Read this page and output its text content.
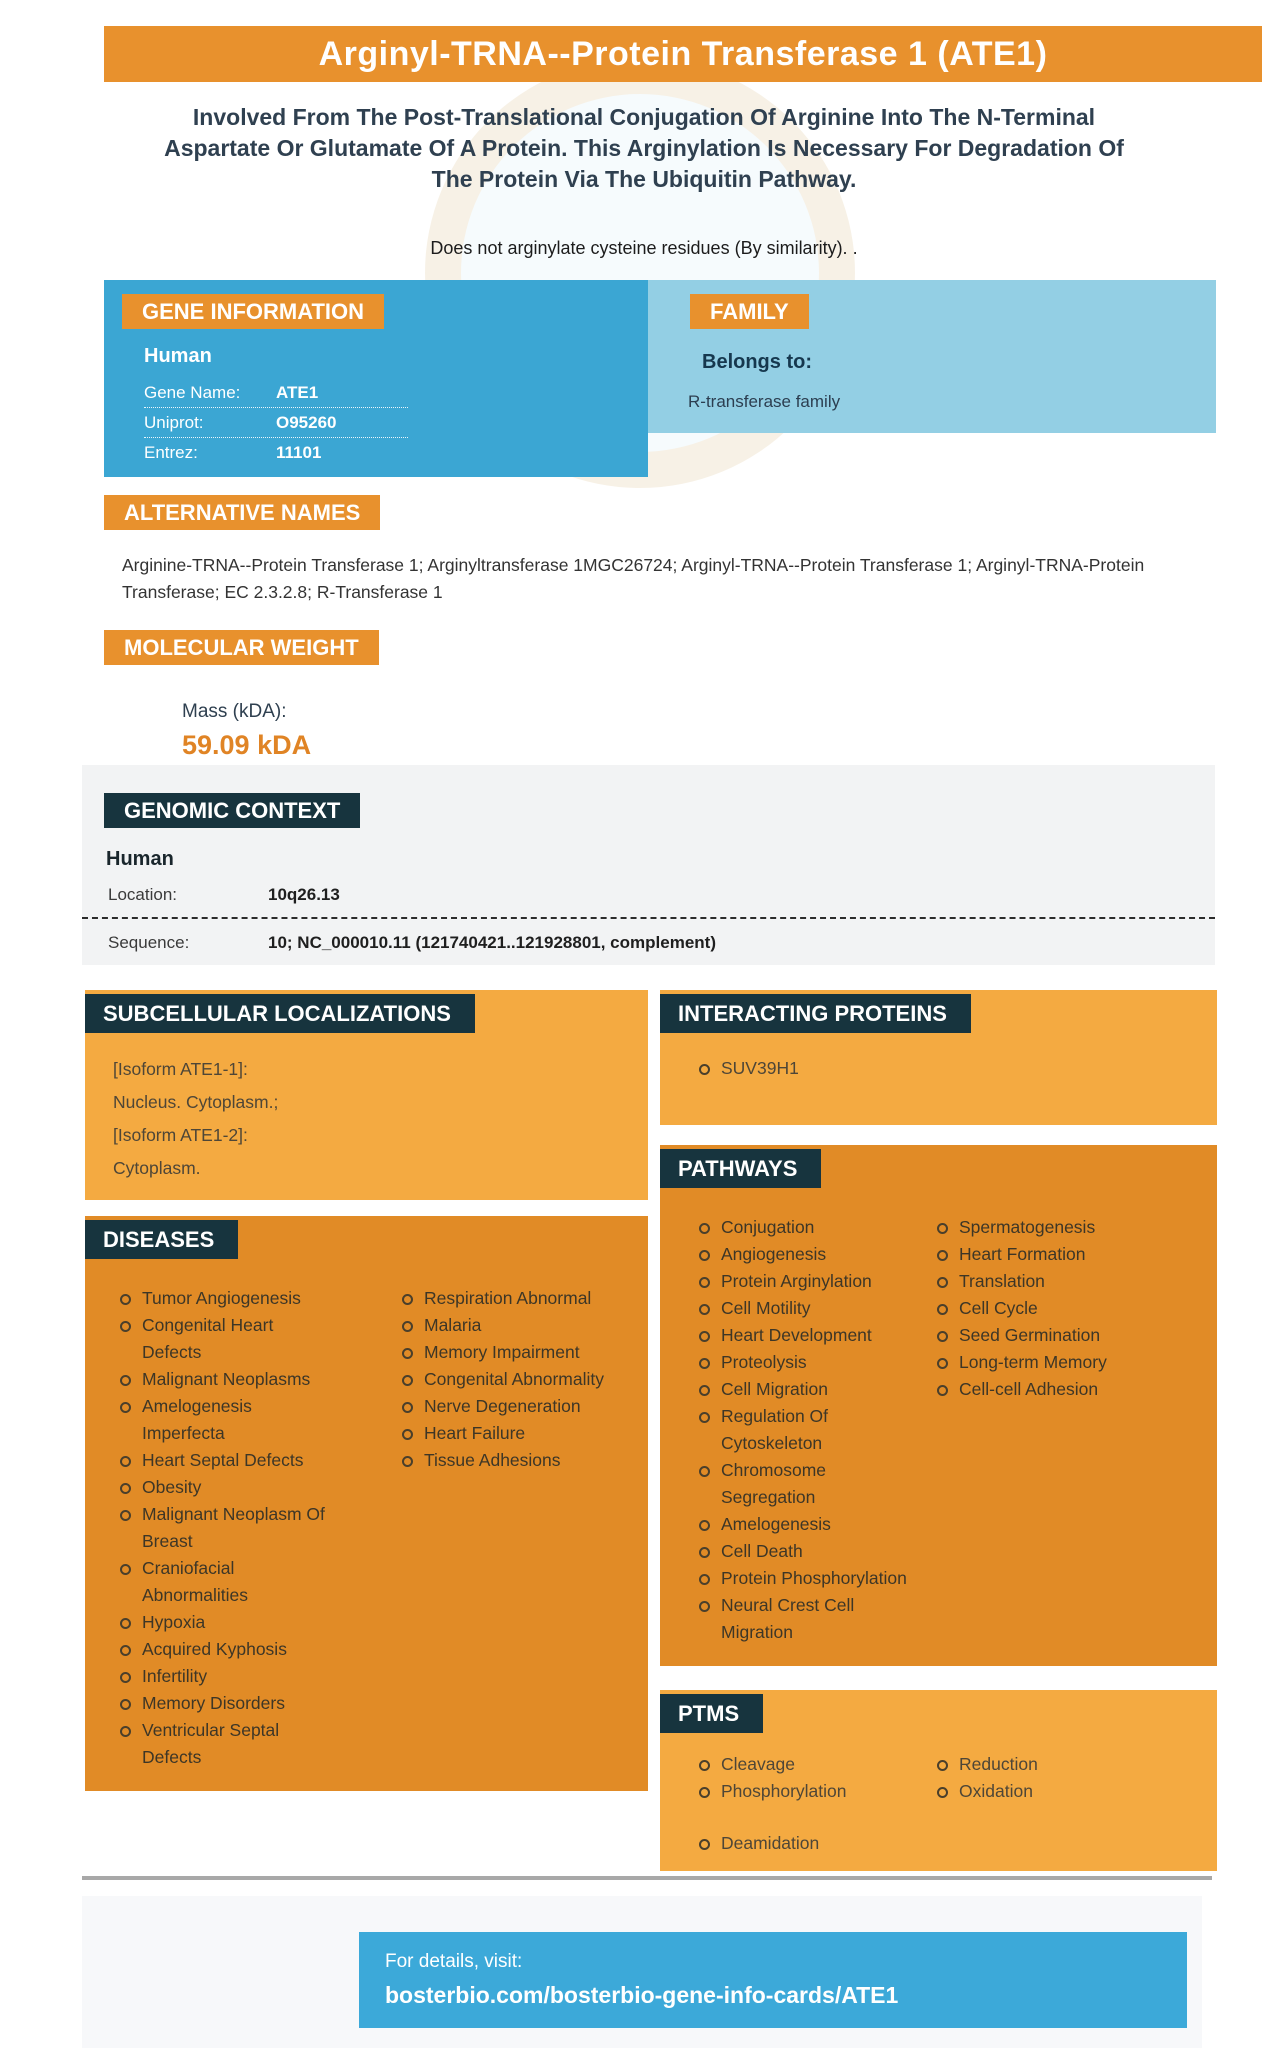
Arginyl-TRNA--Protein Transferase 1 (ATE1)

Involved From The Post-Translational Conjugation Of Arginine Into The N-Terminal Aspartate Or Glutamate Of A Protein. This Arginylation Is Necessary For Degradation Of The Protein Via The Ubiquitin Pathway.

Does not arginylate cysteine residues (By similarity). .

GENE INFORMATION
Human
Gene Name:	ATE1
Uniprot:	O95260
Entrez:	11101
FAMILY
Belongs to:
R-transferase family
ALTERNATIVE NAMES

Arginine-TRNA--Protein Transferase 1; Arginyltransferase 1MGC26724; Arginyl-TRNA--Protein Transferase 1; Arginyl-TRNA-Protein Transferase; EC 2.3.2.8; R-Transferase 1

MOLECULAR WEIGHT
Mass (kDA):
59.09 kDA
GENOMIC CONTEXT
Human
Location:	10q26.13
Sequence:	10; NC_000010.11 (121740421..121928801, complement)
SUBCELLULAR LOCALIZATIONS
[Isoform ATE1-1]:
Nucleus. Cytoplasm.;
[Isoform ATE1-2]:
Cytoplasm.
DISEASES
Tumor Angiogenesis
Congenital Heart Defects
Malignant Neoplasms
Amelogenesis Imperfecta
Heart Septal Defects
Obesity
Malignant Neoplasm Of Breast
Craniofacial Abnormalities
Hypoxia
Acquired Kyphosis
Infertility
Memory Disorders
Ventricular Septal Defects
Respiration Abnormal
Malaria
Memory Impairment
Congenital Abnormality
Nerve Degeneration
Heart Failure
Tissue Adhesions
INTERACTING PROTEINS
SUV39H1
PATHWAYS
Conjugation
Angiogenesis
Protein Arginylation
Cell Motility
Heart Development
Proteolysis
Cell Migration
Regulation Of Cytoskeleton
Chromosome Segregation
Amelogenesis
Cell Death
Protein Phosphorylation
Neural Crest Cell Migration
Spermatogenesis
Heart Formation
Translation
Cell Cycle
Seed Germination
Long-term Memory
Cell-cell Adhesion
PTMS
Cleavage
Phosphorylation
Deamidation
Reduction
Oxidation
For details, visit:
bosterbio.com/bosterbio-gene-info-cards/ATE1
